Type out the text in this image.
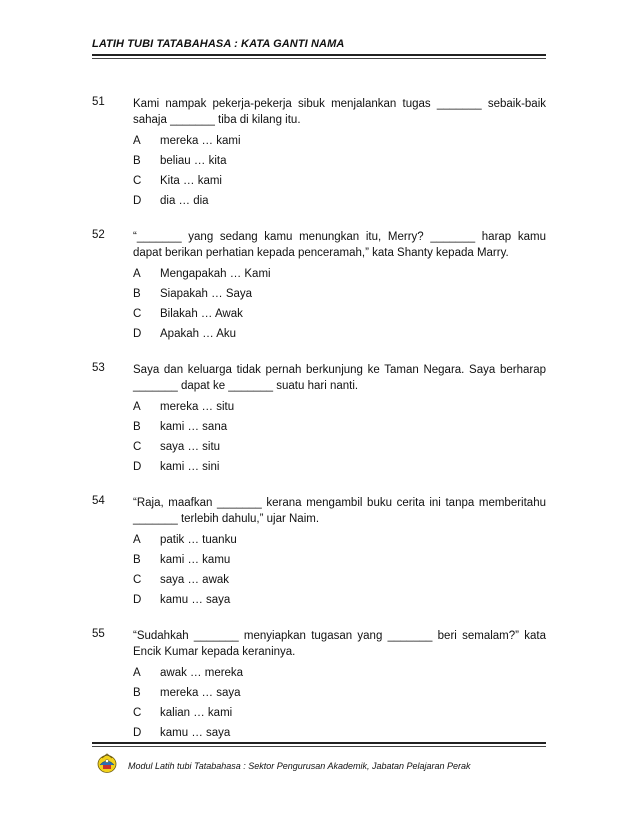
LATIH TUBI TATABAHASA : KATA GANTI NAMA
51 Kami nampak pekerja-pekerja sibuk menjalankan tugas _______ sebaik-baik sahaja _______ tiba di kilang itu.
A	mereka … kami
B	beliau … kita
C	Kita … kami
D	dia … dia
52 “_______ yang sedang kamu menungkan itu, Merry? _______ harap kamu dapat berikan perhatian kepada penceramah,” kata Shanty kepada Marry.
A	Mengapakah … Kami
B	Siapakah … Saya
C	Bilakah … Awak
D	Apakah … Aku
53 Saya dan keluarga tidak pernah berkunjung ke Taman Negara. Saya berharap _______ dapat ke _______ suatu hari nanti.
A	mereka … situ
B	kami … sana
C	saya … situ
D	kami … sini
54 “Raja, maafkan _______ kerana mengambil buku cerita ini tanpa memberitahu _______ terlebih dahulu,” ujar Naim.
A	patik … tuanku
B	kami … kamu
C	saya … awak
D	kamu … saya
55 “Sudahkah _______ menyiapkan tugasan yang _______ beri semalam?” kata Encik Kumar kepada keraninya.
A	awak … mereka
B	mereka … saya
C	kalian … kami
D	kamu … saya
Modul Latih tubi Tatabahasa : Sektor Pengurusan Akademik, Jabatan Pelajaran Perak
